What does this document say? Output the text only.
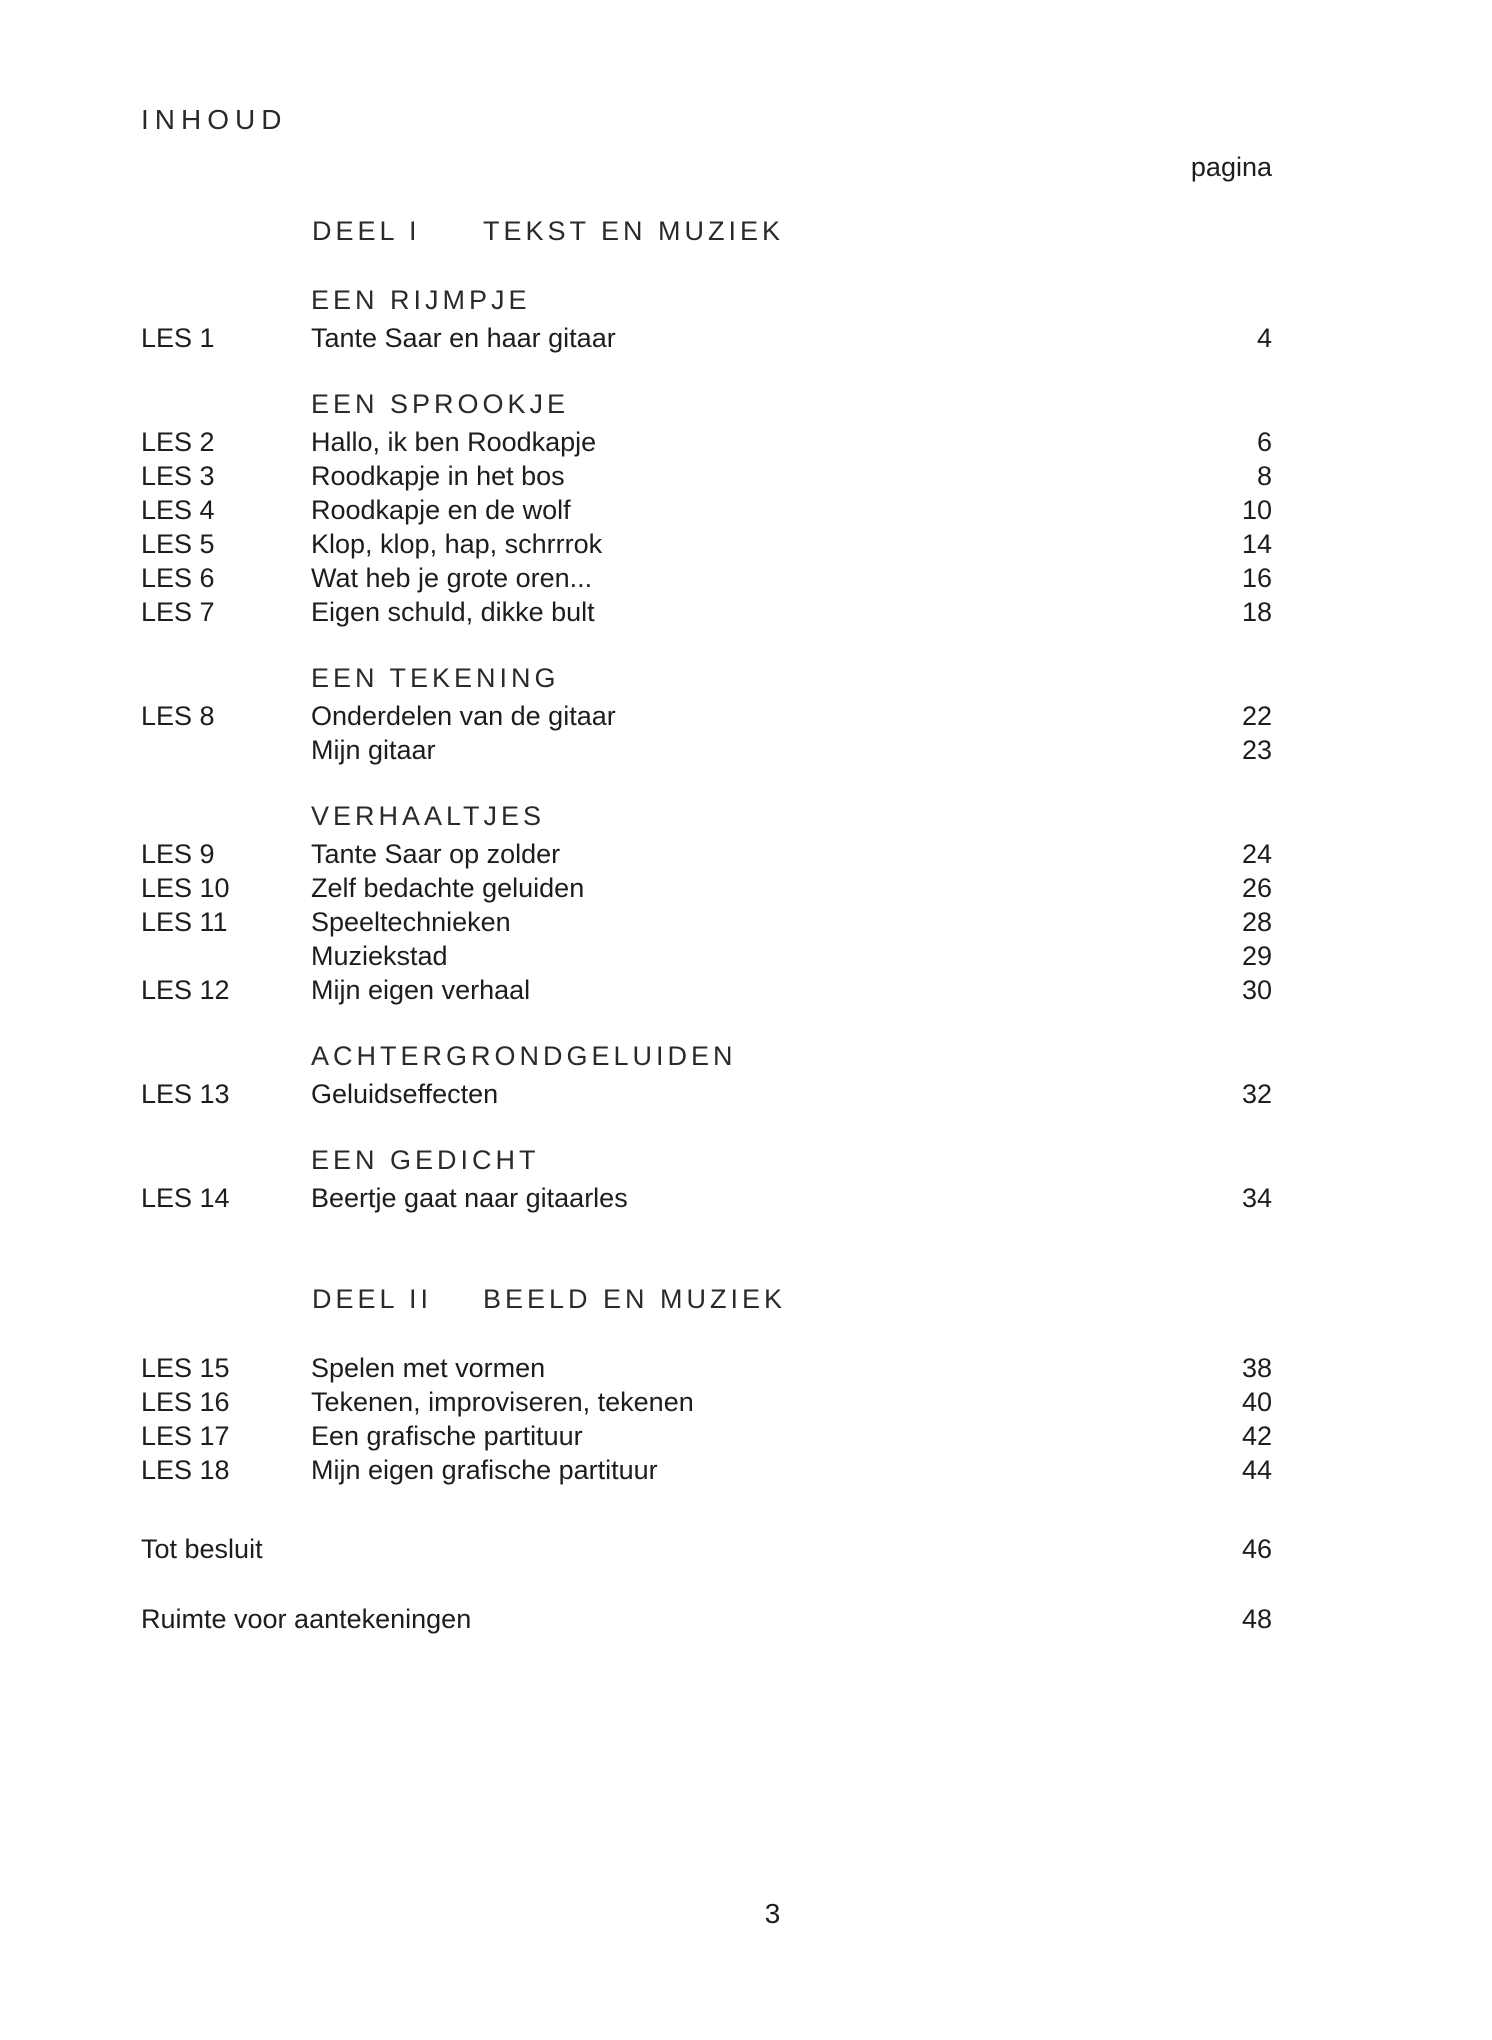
INHOUD
pagina
DEEL I TEKST EN MUZIEK
EEN RIJMPJE
LES 1	Tante Saar en haar gitaar	4
EEN SPROOKJE
LES 2	Hallo, ik ben Roodkapje	6
LES 3	Roodkapje in het bos	8
LES 4	Roodkapje en de wolf	10
LES 5	Klop, klop, hap, schrrrok	14
LES 6	Wat heb je grote oren...	16
LES 7	Eigen schuld, dikke bult	18
EEN TEKENING
LES 8	Onderdelen van de gitaar	22
Mijn gitaar	23
VERHAALTJES
LES 9	Tante Saar op zolder	24
LES 10	Zelf bedachte geluiden	26
LES 11	Speeltechnieken	28
Muziekstad	29
LES 12	Mijn eigen verhaal	30
ACHTERGRONDGELUIDEN
LES 13	Geluidseffecten	32
EEN GEDICHT
LES 14	Beertje gaat naar gitaarles	34
DEEL II BEELD EN MUZIEK
LES 15	Spelen met vormen	38
LES 16	Tekenen, improviseren, tekenen	40
LES 17	Een grafische partituur	42
LES 18	Mijn eigen grafische partituur	44
Tot besluit	46
Ruimte voor aantekeningen	48
3
